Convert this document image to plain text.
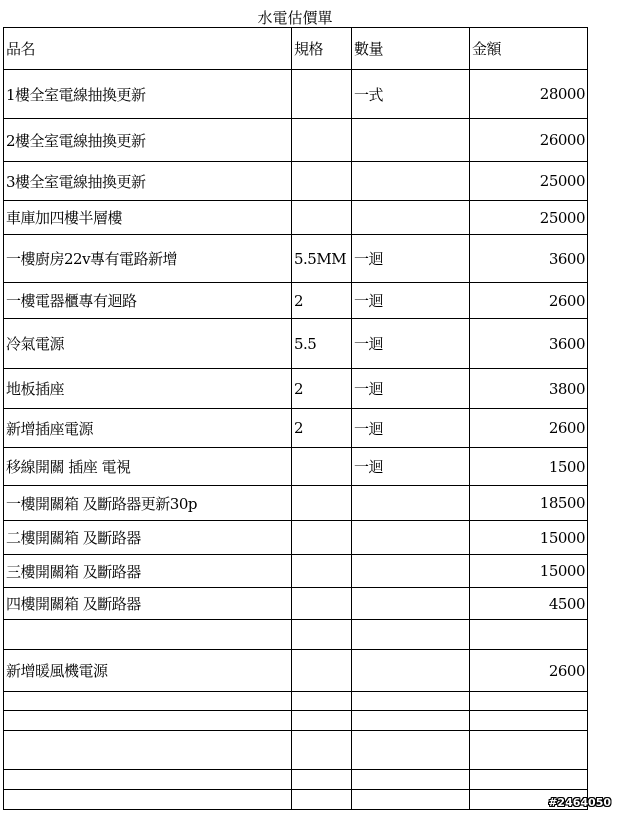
水電估價單
品名	規格	數量	金額
1樓全室電線抽換更新		一式	28000
2樓全室電線抽換更新			26000
3樓全室電線抽換更新			25000
車庫加四樓半層樓			25000
一樓廚房22v專有電路新增	5.5MM	一迴	3600
一樓電器櫃專有迴路	2	一迴	2600
冷氣電源	5.5	一迴	3600
地板插座	2	一迴	3800
新增插座電源	2	一迴	2600
移線開關 插座 電視		一迴	1500
一樓開關箱 及斷路器更新30p			18500
二樓開關箱 及斷路器			15000
三樓開關箱 及斷路器			15000
四樓開關箱 及斷路器			4500

新增暖風機電源			2600

#2464050
